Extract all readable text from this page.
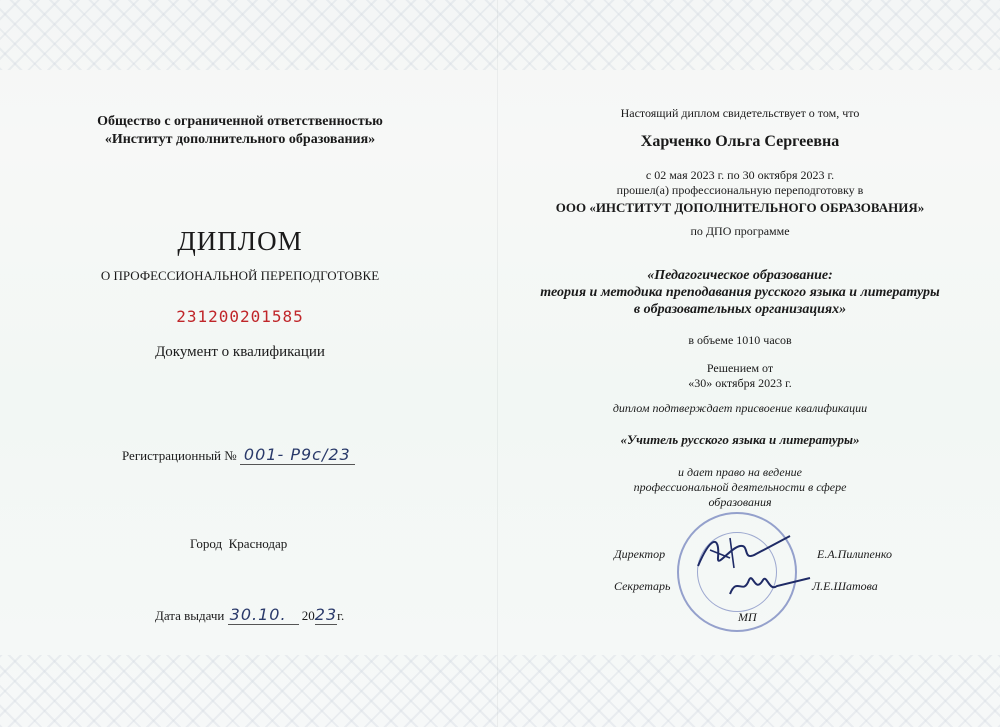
Общество с ограниченной ответственностью
«Институт дополнительного образования»
ДИПЛОМ
О ПРОФЕССИОНАЛЬНОЙ ПЕРЕПОДГОТОВКЕ
231200201585
Документ о квалификации
Регистрационный № 001- Р9с/23
Город Краснодар
Дата выдачи 30.10. 2023г.
Настоящий диплом свидетельствует о том, что
Харченко Ольга Сергеевна
с 02 мая 2023 г. по 30 октября 2023 г.
прошел(а) профессиональную переподготовку в
ООО «ИНСТИТУТ ДОПОЛНИТЕЛЬНОГО ОБРАЗОВАНИЯ»
по ДПО программе
«Педагогическое образование:
теория и методика преподавания русского языка и литературы
в образовательных организациях»
в объеме 1010 часов
Решением от
«30» октября 2023 г.
диплом подтверждает присвоение квалификации
«Учитель русского языка и литературы»
и дает право на ведение
профессиональной деятельности в сфере
образования
Директор	Е.А.Пилипенко
Секретарь	Л.Е.Шатова
МП
